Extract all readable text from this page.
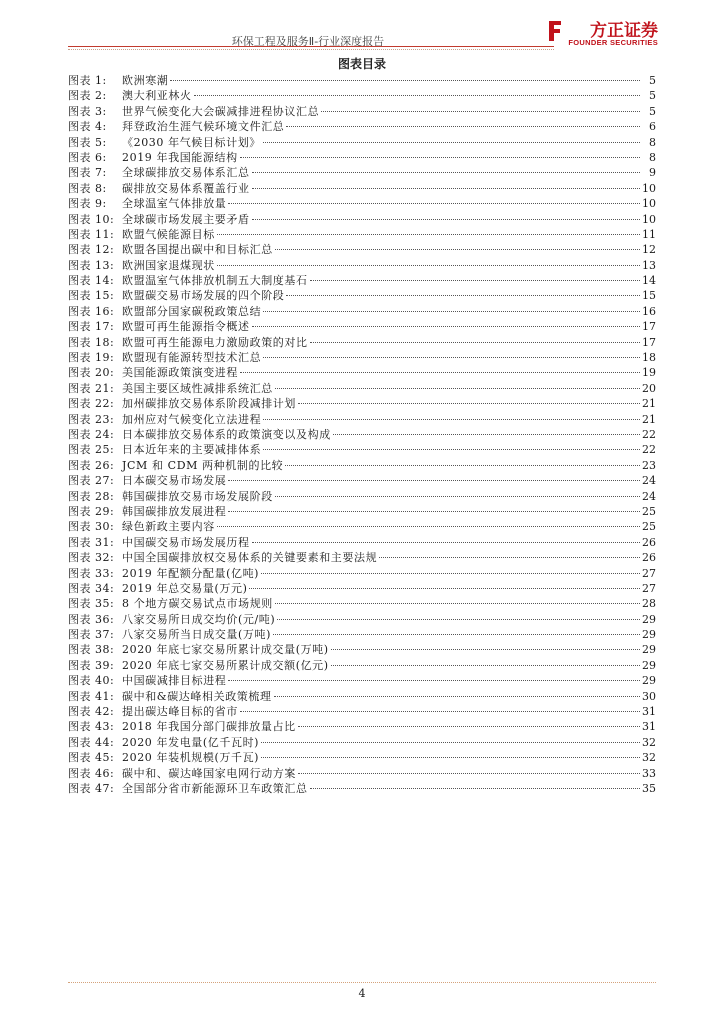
环保工程及服务Ⅱ-行业深度报告
方正证券
FOUNDER SECURITIES
图表目录
图表 1:	欧洲寒潮	5
图表 2:	澳大利亚林火	5
图表 3:	世界气候变化大会碳减排进程协议汇总	5
图表 4:	拜登政治生涯气候环境文件汇总	6
图表 5:	《2030 年气候目标计划》	8
图表 6:	2019 年我国能源结构	8
图表 7:	全球碳排放交易体系汇总	9
图表 8:	碳排放交易体系覆盖行业	10
图表 9:	全球温室气体排放量	10
图表 10: 全球碳市场发展主要矛盾	10
图表 11: 欧盟气候能源目标	11
图表 12: 欧盟各国提出碳中和目标汇总	12
图表 13: 欧洲国家退煤现状	13
图表 14: 欧盟温室气体排放机制五大制度基石	14
图表 15: 欧盟碳交易市场发展的四个阶段	15
图表 16: 欧盟部分国家碳税政策总结	16
图表 17: 欧盟可再生能源指令概述	17
图表 18: 欧盟可再生能源电力激励政策的对比	17
图表 19: 欧盟现有能源转型技术汇总	18
图表 20: 美国能源政策演变进程	19
图表 21: 美国主要区域性减排系统汇总	20
图表 22: 加州碳排放交易体系阶段减排计划	21
图表 23: 加州应对气候变化立法进程	21
图表 24: 日本碳排放交易体系的政策演变以及构成	22
图表 25: 日本近年来的主要减排体系	22
图表 26: JCM 和 CDM 两种机制的比较	23
图表 27: 日本碳交易市场发展	24
图表 28: 韩国碳排放交易市场发展阶段	24
图表 29: 韩国碳排放发展进程	25
图表 30: 绿色新政主要内容	25
图表 31: 中国碳交易市场发展历程	26
图表 32: 中国全国碳排放权交易体系的关键要素和主要法规	26
图表 33: 2019 年配额分配量(亿吨)	27
图表 34: 2019 年总交易量(万元)	27
图表 35: 8 个地方碳交易试点市场规则	28
图表 36: 八家交易所日成交均价(元/吨)	29
图表 37: 八家交易所当日成交量(万吨)	29
图表 38: 2020 年底七家交易所累计成交量(万吨)	29
图表 39: 2020 年底七家交易所累计成交额(亿元)	29
图表 40: 中国碳减排目标进程	29
图表 41: 碳中和&碳达峰相关政策梳理	30
图表 42: 提出碳达峰目标的省市	31
图表 43: 2018 年我国分部门碳排放量占比	31
图表 44: 2020 年发电量(亿千瓦时)	32
图表 45: 2020 年装机规模(万千瓦)	32
图表 46: 碳中和、碳达峰国家电网行动方案	33
图表 47: 全国部分省市新能源环卫车政策汇总	35
4
